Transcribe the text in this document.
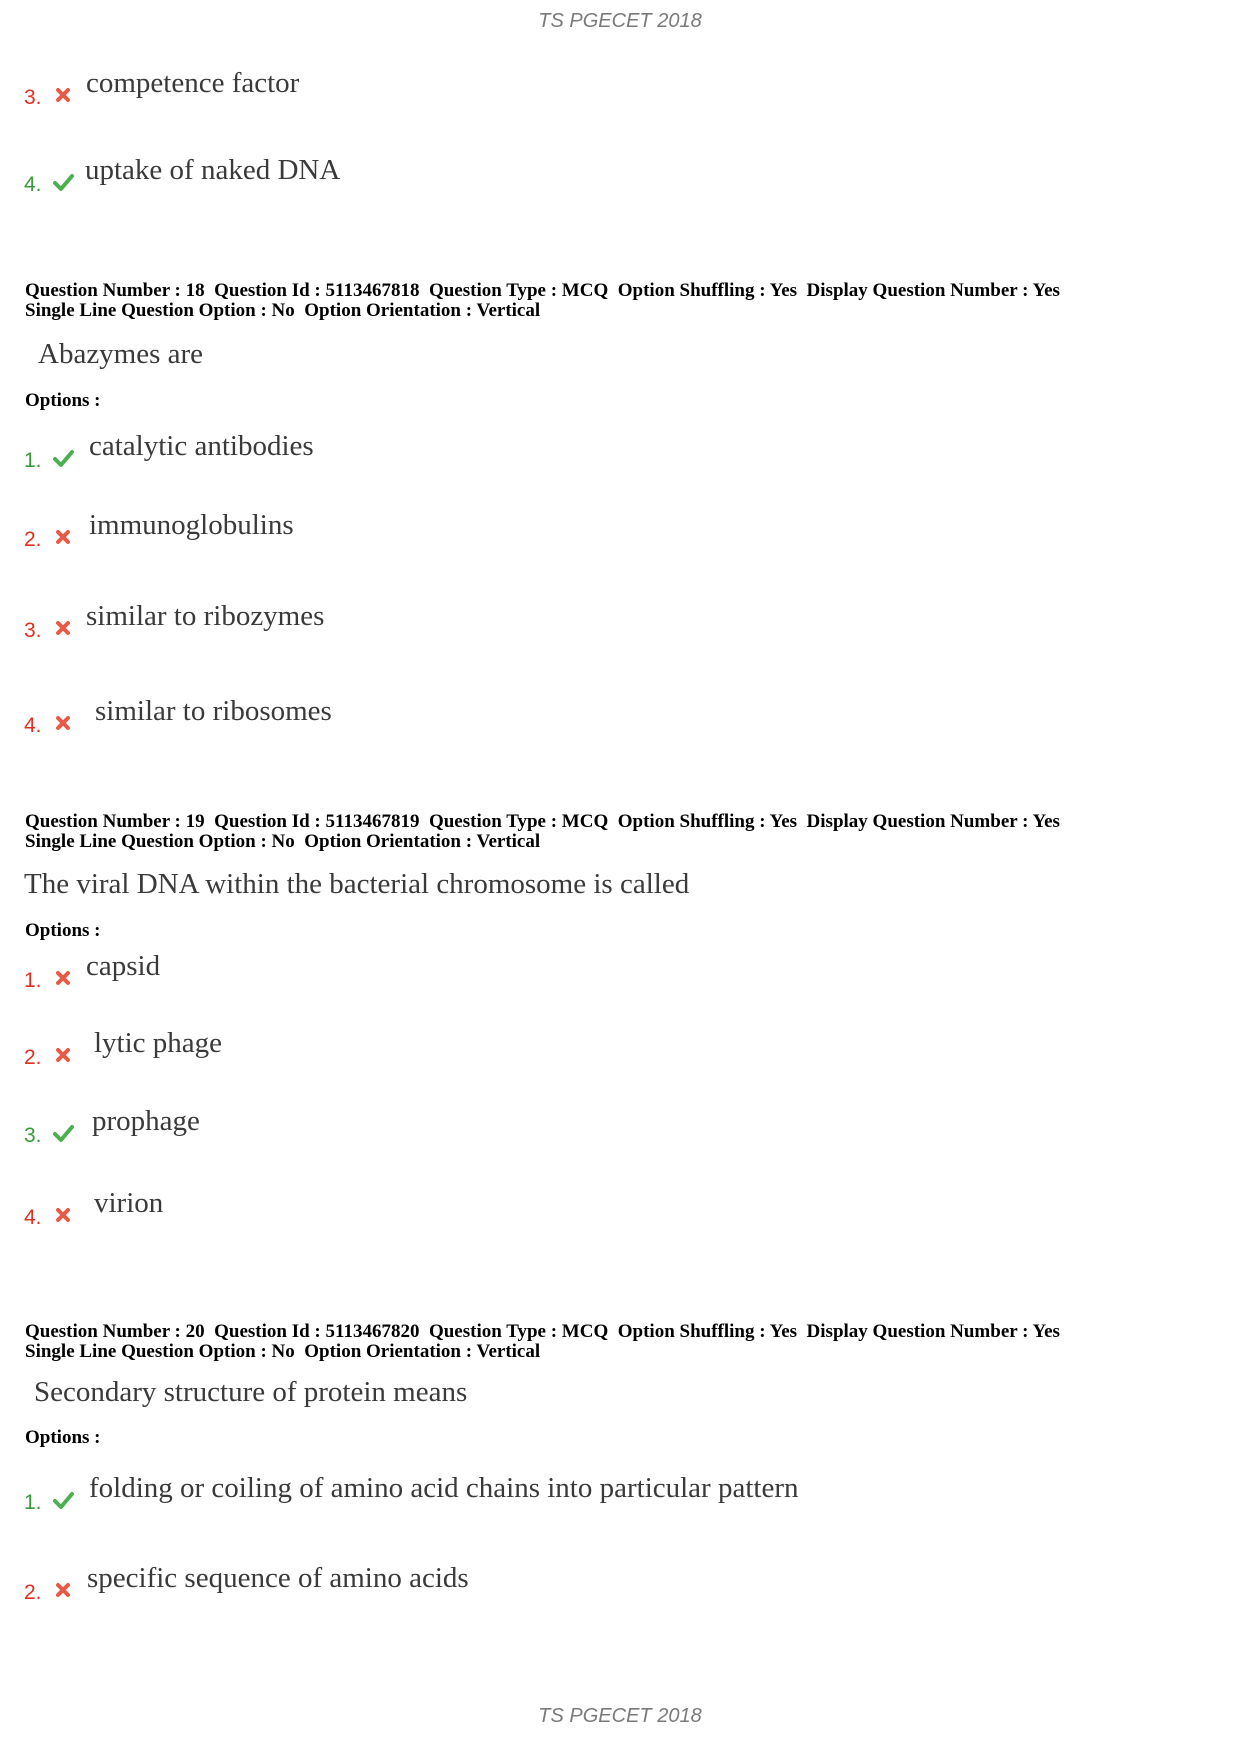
TS PGECET 2018
3. competence factor
4. uptake of naked DNA
Question Number : 18  Question Id : 5113467818  Question Type : MCQ  Option Shuffling : Yes  Display Question Number : Yes
Single Line Question Option : No  Option Orientation : Vertical
Abazymes are
Options :
1. catalytic antibodies
2. immunoglobulins
3. similar to ribozymes
4. similar to ribosomes
Question Number : 19  Question Id : 5113467819  Question Type : MCQ  Option Shuffling : Yes  Display Question Number : Yes
Single Line Question Option : No  Option Orientation : Vertical
The viral DNA within the bacterial chromosome is called
Options :
1. capsid
2. lytic phage
3. prophage
4. virion
Question Number : 20  Question Id : 5113467820  Question Type : MCQ  Option Shuffling : Yes  Display Question Number : Yes
Single Line Question Option : No  Option Orientation : Vertical
Secondary structure of protein means
Options :
1. folding or coiling of amino acid chains into particular pattern
2. specific sequence of amino acids
TS PGECET 2018
